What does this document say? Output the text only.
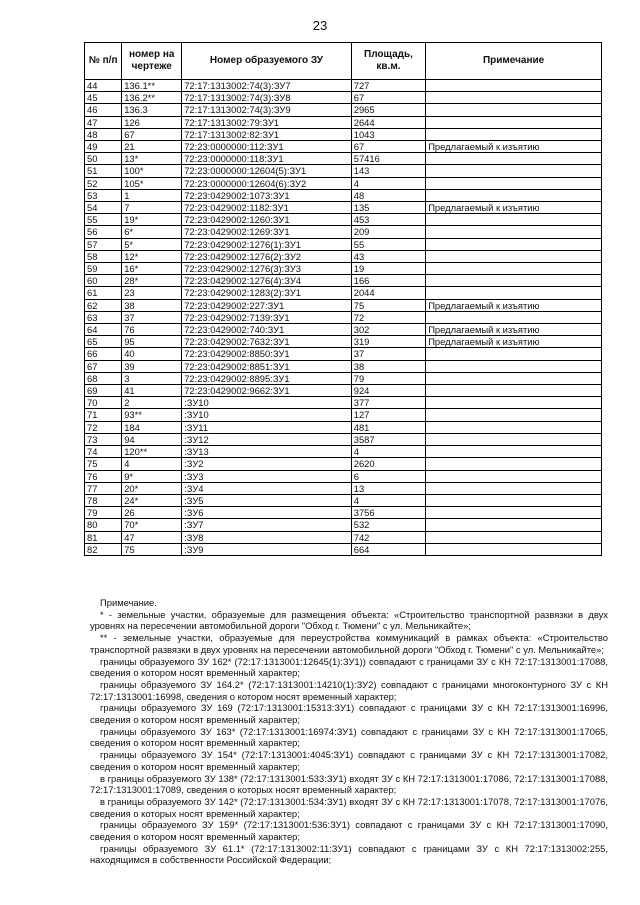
23
№ п/п	номер на чертеже	Номер образуемого ЗУ	Площадь, кв.м.	Примечание
44	136.1**	72:17:1313002:74(3):ЗУ7	727	
45	136.2**	72:17:1313002:74(3):ЗУ8	67	
46	136.3	72:17:1313002:74(3):ЗУ9	2965	
47	126	72:17:1313002:79:ЗУ1	2644	
48	67	72:17:1313002:82:ЗУ1	1043	
49	21	72:23:0000000:112:ЗУ1	67	Предлагаемый к изъятию
50	13*	72:23:0000000:118:ЗУ1	57416	
51	100*	72:23:0000000:12604(5):ЗУ1	143	
52	105*	72:23:0000000:12604(6):ЗУ2	4	
53	1	72:23:0429002:1073:ЗУ1	48	
54	7	72:23:0429002:1182:ЗУ1	135	Предлагаемый к изъятию
55	19*	72:23:0429002:1260:ЗУ1	453	
56	6*	72:23:0429002:1269:ЗУ1	209	
57	5*	72:23:0429002:1276(1):ЗУ1	55	
58	12*	72:23:0429002:1276(2):ЗУ2	43	
59	16*	72:23:0429002:1276(3):ЗУ3	19	
60	28*	72:23:0429002:1276(4):ЗУ4	166	
61	23	72:23:0429002:1283(2):ЗУ1	2044	
62	38	72:23:0429002:227:ЗУ1	75	Предлагаемый к изъятию
63	37	72:23:0429002:7139:ЗУ1	72	
64	76	72:23:0429002:740:ЗУ1	302	Предлагаемый к изъятию
65	95	72:23:0429002:7632:ЗУ1	319	Предлагаемый к изъятию
66	40	72:23:0429002:8850:ЗУ1	37	
67	39	72:23:0429002:8851:ЗУ1	38	
68	3	72:23:0429002:8895:ЗУ1	79	
69	41	72:23:0429002:9662:ЗУ1	924	
70	2	:ЗУ10	377	
71	93**	:ЗУ10	127	
72	184	:ЗУ11	481	
73	94	:ЗУ12	3587	
74	120**	:ЗУ13	4	
75	4	:ЗУ2	2620	
76	9*	:ЗУ3	6	
77	20*	:ЗУ4	13	
78	24*	:ЗУ5	4	
79	26	:ЗУ6	3756	
80	70*	:ЗУ7	532	
81	47	:ЗУ8	742	
82	75	:ЗУ9	664	

Примечание.

* - земельные участки, образуемые для размещения объекта: «Строительство транспортной развязки в двух уровнях на пересечении автомобильной дороги "Обход г. Тюмени" с ул. Мельникайте»;

** - земельные участки, образуемые для переустройства коммуникаций в рамках объекта: «Строительство транспортной развязки в двух уровнях на пересечении автомобильной дороги "Обход г. Тюмени" с ул. Мельникайте»;

границы образуемого ЗУ 162* (72:17:1313001:12645(1):ЗУ1)) совпадают с границами ЗУ с КН 72:17:1313001:17088, сведения о котором носят временный характер;

границы образуемого ЗУ 164.2* (72:17:1313001:14210(1):ЗУ2) совпадают с границами многоконтурного ЗУ с КН 72:17:1313001:16998, сведения о котором носят временный характер;

границы образуемого ЗУ 169 (72:17:1313001:15313:ЗУ1) совпадают с границами ЗУ с КН 72:17:1313001:16996, сведения о котором носят временный характер;

границы образуемого ЗУ 163* (72:17:1313001:16974:ЗУ1) совпадают с границами ЗУ с КН 72:17:1313001:17065, сведения о котором носят временный характер;

границы образуемого ЗУ 154* (72:17:1313001:4045:ЗУ1) совпадают с границами ЗУ с КН 72:17:1313001:17082, сведения о котором носят временный характер;

в границы образуемого ЗУ 138* (72:17:1313001:533:ЗУ1) входят ЗУ с КН 72:17:1313001:17086, 72:17:1313001:17088, 72:17:1313001:17089, сведения о которых носят временный характер;

в границы образуемого ЗУ 142* (72:17:1313001:534:ЗУ1) входят ЗУ с КН 72:17:1313001:17078, 72:17:1313001:17076, сведения о которых носят временный характер;

границы образуемого ЗУ 159* (72:17:1313001:536:ЗУ1) совпадают с границами ЗУ с КН 72:17:1313001:17090, сведения о котором носят временный характер;

границы образуемого ЗУ 61.1* (72:17:1313002:11:ЗУ1) совпадают с границами ЗУ с КН 72:17:1313002:255, находящимся в собственности Российской Федерации;
